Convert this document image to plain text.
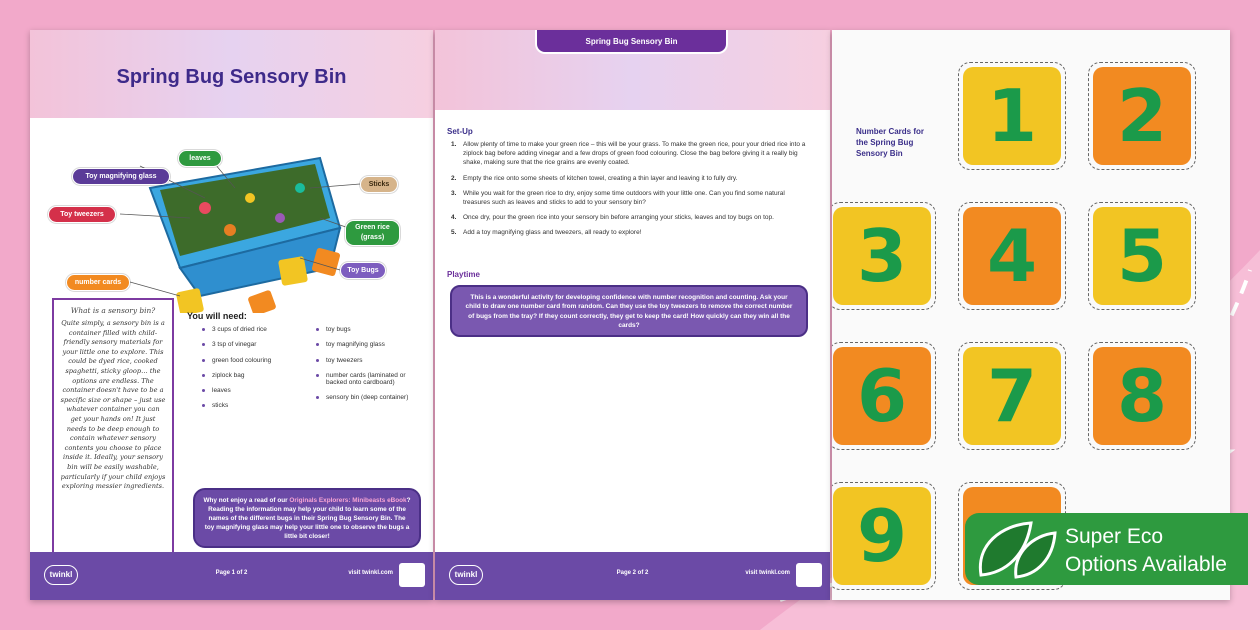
Spring Bug Sensory Bin
leaves
Toy magnifying glass
Sticks
Toy tweezers
Green rice (grass)
Toy Bugs
number cards
What is a sensory bin?
Quite simply, a sensory bin is a container filled with child-friendly sensory materials for your little one to explore. This could be dyed rice, cooked spaghetti, sticky gloop… the options are endless. The container doesn't have to be a specific size or shape – just use whatever container you can get your hands on! It just needs to be deep enough to contain whatever sensory contents you choose to place inside it. Ideally, your sensory bin will be easily washable, particularly if your child enjoys exploring messier ingredients.
You will need:
3 cups of dried rice
3 tsp of vinegar
green food colouring
ziplock bag
leaves
sticks
toy bugs
toy magnifying glass
toy tweezers
number cards (laminated or backed onto cardboard)
sensory bin (deep container)
Why not enjoy a read of our Originals Explorers: Minibeasts eBook? Reading the information may help your child to learn some of the names of the different bugs in their Spring Bug Sensory Bin. The toy magnifying glass may help your little one to observe the bugs a little bit closer!
twinkl	Page 1 of 2	visit twinkl.com
Spring Bug Sensory Bin
Set-Up
1. Allow plenty of time to make your green rice – this will be your grass. To make the green rice, pour your dried rice into a ziplock bag before adding vinegar and a few drops of green food colouring. Close the bag before giving it a really big shake, making sure that the rice grains are evenly coated.
2. Empty the rice onto some sheets of kitchen towel, creating a thin layer and leaving it to fully dry.
3. While you wait for the green rice to dry, enjoy some time outdoors with your little one. Can you find some natural treasures such as leaves and sticks to add to your sensory bin?
4. Once dry, pour the green rice into your sensory bin before arranging your sticks, leaves and toy bugs on top.
5. Add a toy magnifying glass and tweezers, all ready to explore!
Playtime
This is a wonderful activity for developing confidence with number recognition and counting. Ask your child to draw one number card from random. Can they use the toy tweezers to remove the correct number of bugs from the tray? If they count correctly, they get to keep the card! How quickly can they win all the cards?
twinkl	Page 2 of 2	visit twinkl.com
Number Cards for the Spring Bug Sensory Bin	1	2
3	4	5
6	7	8
9	Super Eco
Options Available
